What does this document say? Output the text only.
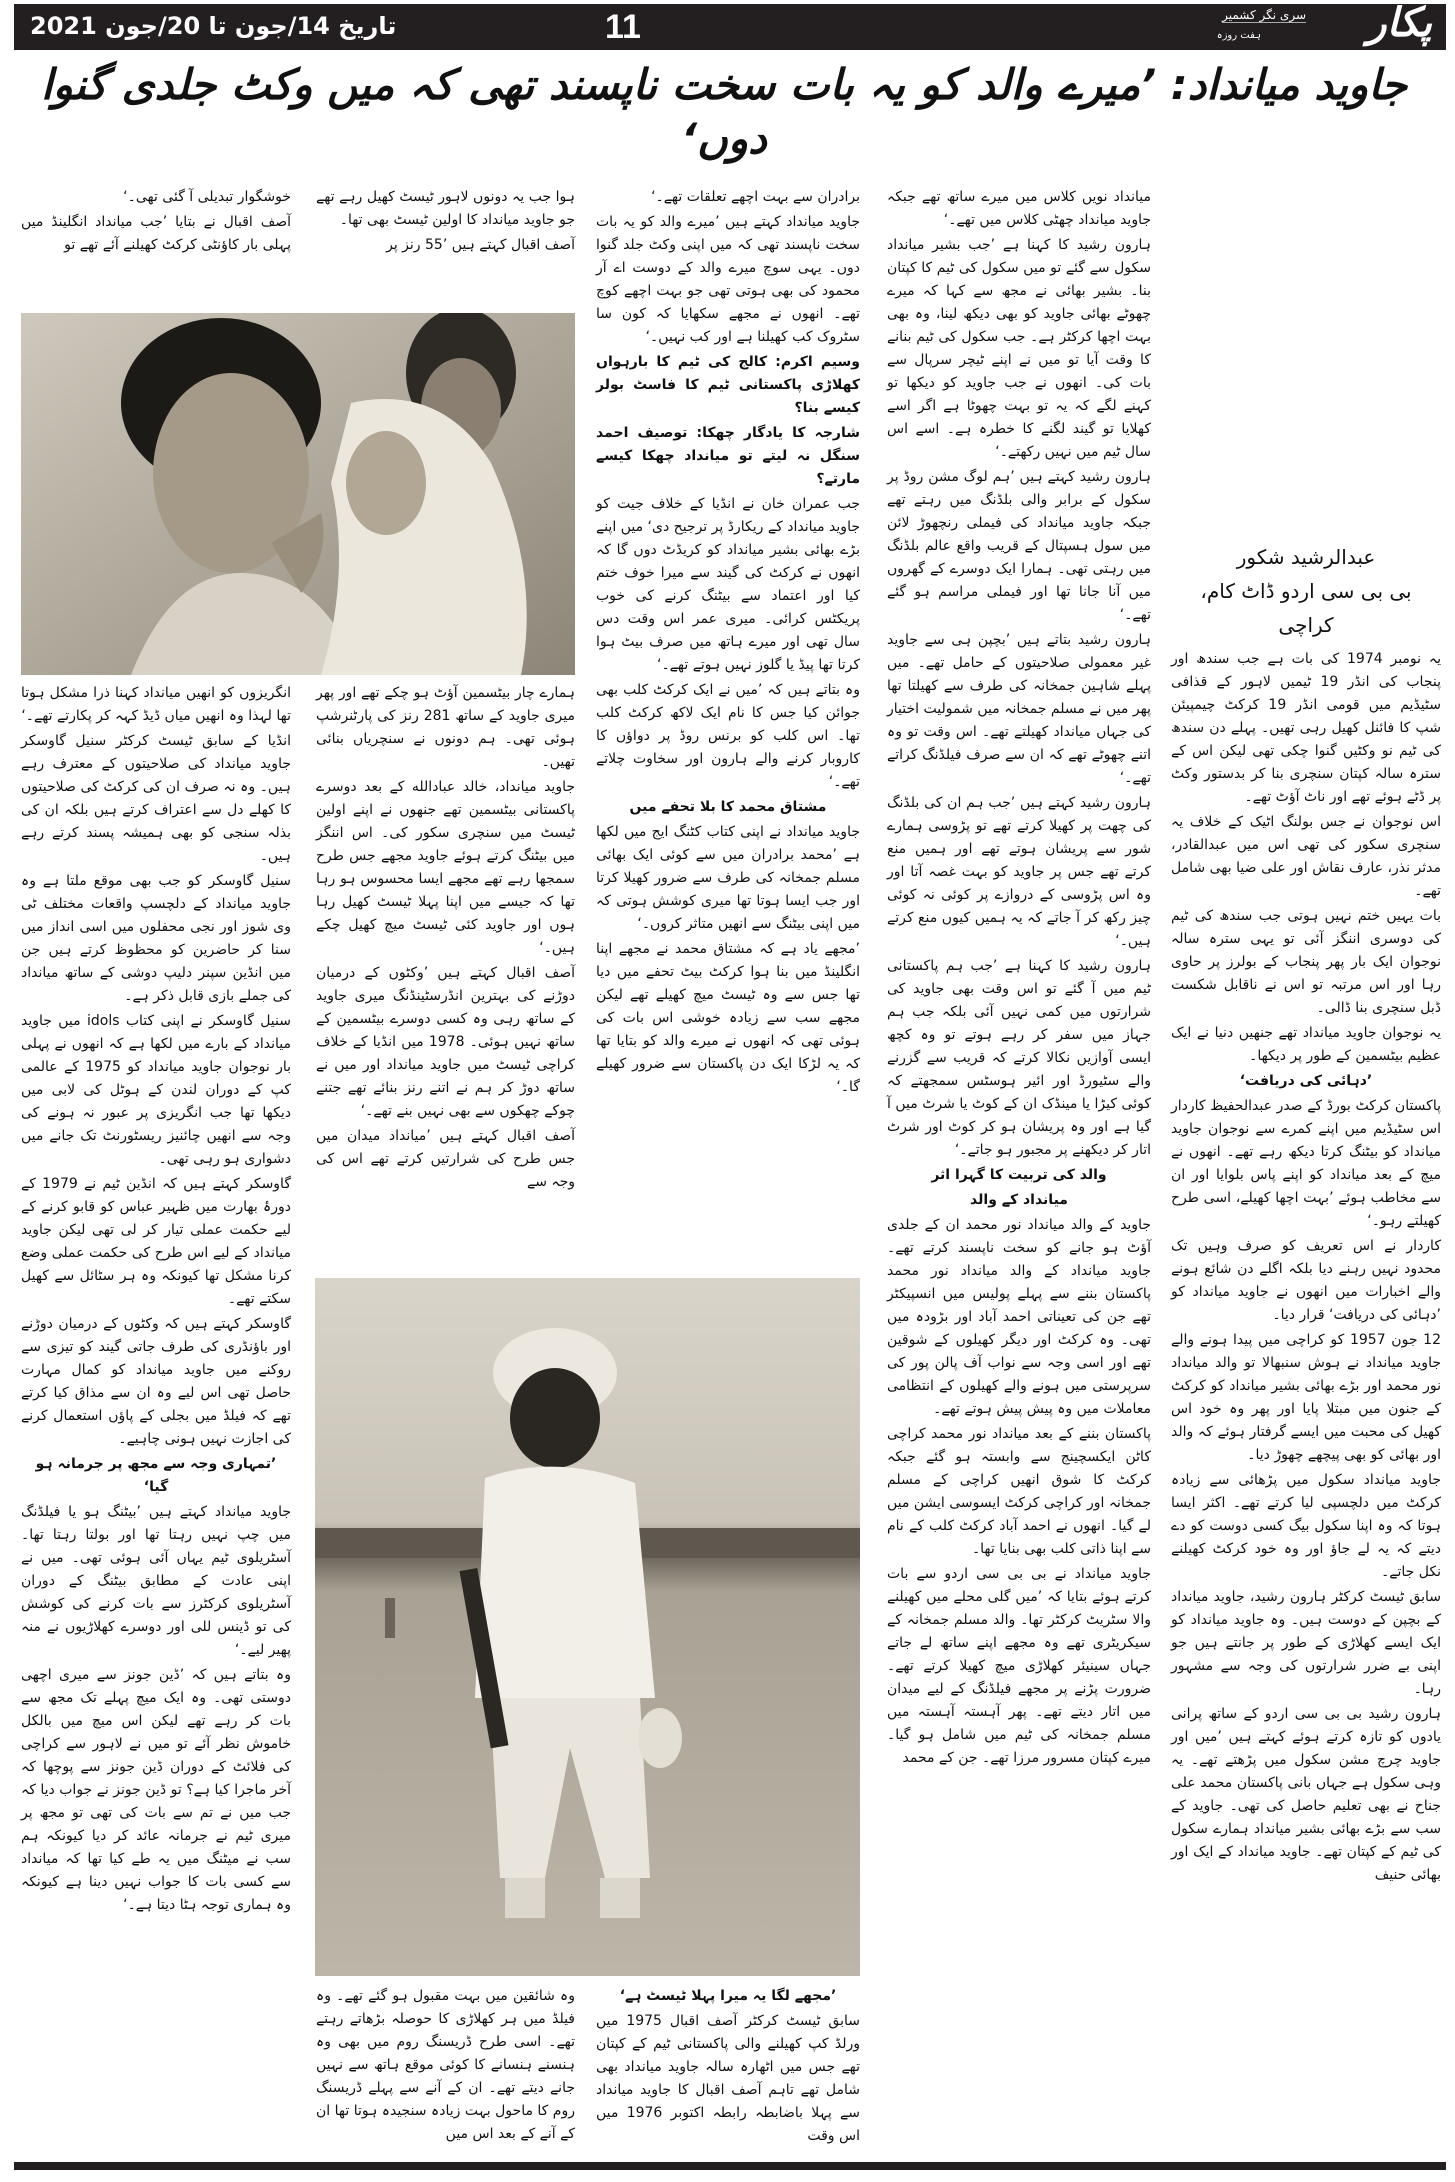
تاریخ 14/جون تا 20/جون 2021	11	پکار
سری نگر کشمیر
ہفت روزہ
جاوید میانداد: ’میرے والد کو یہ بات سخت ناپسند تھی کہ میں وکٹ جلدی گنوا دوں‘
عبدالرشید شکور
بی بی سی اردو ڈاٹ کام، کراچی

یہ نومبر 1974 کی بات ہے جب سندھ اور پنجاب کی انڈر 19 ٹیمیں لاہور کے قذافی سٹیڈیم میں قومی انڈر 19 کرکٹ چیمپیئن شپ کا فائنل کھیل رہی تھیں۔ پہلے دن سندھ کی ٹیم نو وکٹیں گنوا چکی تھی لیکن اس کے سترہ سالہ کپتان سنچری بنا کر بدستور وکٹ پر ڈٹے ہوئے تھے اور ناٹ آؤٹ تھے۔

اس نوجوان نے جس بولنگ اٹیک کے خلاف یہ سنچری سکور کی تھی اس میں عبدالقادر، مدثر نذر، عارف نقاش اور علی ضیا بھی شامل تھے۔

بات یہیں ختم نہیں ہوتی جب سندھ کی ٹیم کی دوسری اننگز آئی تو یہی سترہ سالہ نوجوان ایک بار پھر پنجاب کے بولرز پر حاوی رہا اور اس مرتبہ تو اس نے ناقابل شکست ڈبل سنچری بنا ڈالی۔

یہ نوجوان جاوید میانداد تھے جنھیں دنیا نے ایک عظیم بیٹسمین کے طور پر دیکھا۔

’دہائی کی دریافت‘

پاکستان کرکٹ بورڈ کے صدر عبدالحفیظ کاردار اس سٹیڈیم میں اپنے کمرے سے نوجوان جاوید میانداد کو بیٹنگ کرتا دیکھ رہے تھے۔ انھوں نے میچ کے بعد میانداد کو اپنے پاس بلوایا اور ان سے مخاطب ہوئے ’بہت اچھا کھیلے، اسی طرح کھیلتے رہو۔‘

کاردار نے اس تعریف کو صرف وہیں تک محدود نہیں رہنے دیا بلکہ اگلے دن شائع ہونے والے اخبارات میں انھوں نے جاوید میانداد کو ’دہائی کی دریافت‘ قرار دیا۔

12 جون 1957 کو کراچی میں پیدا ہونے والے جاوید میانداد نے ہوش سنبھالا تو والد میانداد نور محمد اور بڑے بھائی بشیر میانداد کو کرکٹ کے جنون میں مبتلا پایا اور پھر وہ خود اس کھیل کی محبت میں ایسے گرفتار ہوئے کہ والد اور بھائی کو بھی پیچھے چھوڑ دیا۔

جاوید میانداد سکول میں پڑھائی سے زیادہ کرکٹ میں دلچسپی لیا کرتے تھے۔ اکثر ایسا ہوتا کہ وہ اپنا سکول بیگ کسی دوست کو دے دیتے کہ یہ لے جاؤ اور وہ خود کرکٹ کھیلنے نکل جاتے۔

سابق ٹیسٹ کرکٹر ہارون رشید، جاوید میانداد کے بچپن کے دوست ہیں۔ وہ جاوید میانداد کو ایک ایسے کھلاڑی کے طور پر جانتے ہیں جو اپنی بے ضرر شرارتوں کی وجہ سے مشہور رہا۔

ہارون رشید بی بی سی اردو کے ساتھ پرانی یادوں کو تازہ کرتے ہوئے کہتے ہیں ’میں اور جاوید چرچ مشن سکول میں پڑھتے تھے۔ یہ وہی سکول ہے جہاں بانی پاکستان محمد علی جناح نے بھی تعلیم حاصل کی تھی۔ جاوید کے سب سے بڑے بھائی بشیر میانداد ہمارے سکول کی ٹیم کے کپتان تھے۔ جاوید میانداد کے ایک اور بھائی حنیف

میانداد نویں کلاس میں میرے ساتھ تھے جبکہ جاوید میانداد چھٹی کلاس میں تھے۔‘

ہارون رشید کا کہنا ہے ’جب بشیر میانداد سکول سے گئے تو میں سکول کی ٹیم کا کپتان بنا۔ بشیر بھائی نے مجھ سے کہا کہ میرے چھوٹے بھائی جاوید کو بھی دیکھ لینا، وہ بھی بہت اچھا کرکٹر ہے۔ جب سکول کی ٹیم بنانے کا وقت آیا تو میں نے اپنے ٹیچر سرپال سے بات کی۔ انھوں نے جب جاوید کو دیکھا تو کہنے لگے کہ یہ تو بہت چھوٹا ہے اگر اسے کھلایا تو گیند لگنے کا خطرہ ہے۔ اسے اس سال ٹیم میں نہیں رکھتے۔‘

ہارون رشید کہتے ہیں ’ہم لوگ مشن روڈ پر سکول کے برابر والی بلڈنگ میں رہتے تھے جبکہ جاوید میانداد کی فیملی رنچھوڑ لائن میں سول ہسپتال کے قریب واقع عالم بلڈنگ میں رہتی تھی۔ ہمارا ایک دوسرے کے گھروں میں آنا جانا تھا اور فیملی مراسم ہو گئے تھے۔‘

ہارون رشید بتاتے ہیں ’بچپن ہی سے جاوید غیر معمولی صلاحیتوں کے حامل تھے۔ میں پہلے شاہین جمخانہ کی طرف سے کھیلتا تھا پھر میں نے مسلم جمخانہ میں شمولیت اختیار کی جہاں میانداد کھیلتے تھے۔ اس وقت تو وہ اتنے چھوٹے تھے کہ ان سے صرف فیلڈنگ کراتے تھے۔‘

ہارون رشید کہتے ہیں ’جب ہم ان کی بلڈنگ کی چھت پر کھیلا کرتے تھے تو پڑوسی ہمارے شور سے پریشان ہوتے تھے اور ہمیں منع کرتے تھے جس پر جاوید کو بہت غصہ آتا اور وہ اس پڑوسی کے دروازے پر کوئی نہ کوئی چیز رکھ کر آ جاتے کہ یہ ہمیں کیوں منع کرتے ہیں۔‘

ہارون رشید کا کہنا ہے ’جب ہم پاکستانی ٹیم میں آ گئے تو اس وقت بھی جاوید کی شرارتوں میں کمی نہیں آئی بلکہ جب ہم جہاز میں سفر کر رہے ہوتے تو وہ کچھ ایسی آوازیں نکالا کرتے کہ قریب سے گزرنے والے سٹیورڈ اور ائیر ہوسٹس سمجھتے کہ کوئی کیڑا یا مینڈک ان کے کوٹ یا شرٹ میں آ گیا ہے اور وہ پریشان ہو کر کوٹ اور شرٹ اتار کر دیکھنے پر مجبور ہو جاتے۔‘

والد کی تربیت کا گہرا اثر

میانداد کے والد

جاوید کے والد میانداد نور محمد ان کے جلدی آؤٹ ہو جانے کو سخت ناپسند کرتے تھے۔ جاوید میانداد کے والد میانداد نور محمد پاکستان بننے سے پہلے پولیس میں انسپیکٹر تھے جن کی تعیناتی احمد آباد اور بڑودہ میں تھی۔ وہ کرکٹ اور دیگر کھیلوں کے شوقین تھے اور اسی وجہ سے نواب آف پالن پور کی سرپرستی میں ہونے والے کھیلوں کے انتظامی معاملات میں وہ پیش پیش ہوتے تھے۔

پاکستان بننے کے بعد میانداد نور محمد کراچی کاٹن ایکسچینج سے وابستہ ہو گئے جبکہ کرکٹ کا شوق انھیں کراچی کے مسلم جمخانہ اور کراچی کرکٹ ایسوسی ایشن میں لے گیا۔ انھوں نے احمد آباد کرکٹ کلب کے نام سے اپنا ذاتی کلب بھی بنایا تھا۔

جاوید میانداد نے بی بی سی اردو سے بات کرتے ہوئے بتایا کہ ’میں گلی محلے میں کھیلنے والا سٹریٹ کرکٹر تھا۔ والد مسلم جمخانہ کے سیکریٹری تھے وہ مجھے اپنے ساتھ لے جاتے جہاں سینیئر کھلاڑی میچ کھیلا کرتے تھے۔ ضرورت پڑنے پر مجھے فیلڈنگ کے لیے میدان میں اتار دیتے تھے۔ پھر آہستہ آہستہ میں مسلم جمخانہ کی ٹیم میں شامل ہو گیا۔ میرے کپتان مسرور مرزا تھے۔ جن کے محمد

برادران سے بہت اچھے تعلقات تھے۔‘

جاوید میانداد کہتے ہیں ’میرے والد کو یہ بات سخت ناپسند تھی کہ میں اپنی وکٹ جلد گنوا دوں۔ یہی سوچ میرے والد کے دوست اے آر محمود کی بھی ہوتی تھی جو بہت اچھے کوچ تھے۔ انھوں نے مجھے سکھایا کہ کون سا سٹروک کب کھیلنا ہے اور کب نہیں۔‘

وسیم اکرم: کالج کی ٹیم کا بارہواں کھلاڑی پاکستانی ٹیم کا فاسٹ بولر کیسے بنا؟

شارجہ کا یادگار چھکا: توصیف احمد سنگل نہ لیتے تو میانداد چھکا کیسے مارتے؟

جب عمران خان نے انڈیا کے خلاف جیت کو جاوید میانداد کے ریکارڈ پر ترجیح دی‘ میں اپنے بڑے بھائی بشیر میانداد کو کریڈٹ دوں گا کہ انھوں نے کرکٹ کی گیند سے میرا خوف ختم کیا اور اعتماد سے بیٹنگ کرنے کی خوب پریکٹس کرائی۔ میری عمر اس وقت دس سال تھی اور میرے ہاتھ میں صرف بیٹ ہوا کرتا تھا پیڈ یا گلوز نہیں ہوتے تھے۔‘

وہ بتاتے ہیں کہ ’میں نے ایک کرکٹ کلب بھی جوائن کیا جس کا نام ایک لاکھ کرکٹ کلب تھا۔ اس کلب کو برنس روڈ پر دواؤں کا کاروبار کرنے والے ہارون اور سخاوت چلاتے تھے۔‘

مشتاق محمد کا بلا تحفے میں

جاوید میانداد نے اپنی کتاب کٹنگ ایج میں لکھا ہے ’محمد برادران میں سے کوئی ایک بھائی مسلم جمخانہ کی طرف سے ضرور کھیلا کرتا اور جب ایسا ہوتا تھا میری کوشش ہوتی کہ میں اپنی بیٹنگ سے انھیں متاثر کروں۔‘

’مجھے یاد ہے کہ مشتاق محمد نے مجھے اپنا انگلینڈ میں بنا ہوا کرکٹ بیٹ تحفے میں دیا تھا جس سے وہ ٹیسٹ میچ کھیلے تھے لیکن مجھے سب سے زیادہ خوشی اس بات کی ہوئی تھی کہ انھوں نے میرے والد کو بتایا تھا کہ یہ لڑکا ایک دن پاکستان سے ضرور کھیلے گا۔‘

’مجھے لگا یہ میرا پہلا ٹیسٹ ہے‘

سابق ٹیسٹ کرکٹر آصف اقبال 1975 میں ورلڈ کپ کھیلنے والی پاکستانی ٹیم کے کپتان تھے جس میں اٹھارہ سالہ جاوید میانداد بھی شامل تھے تاہم آصف اقبال کا جاوید میانداد سے پہلا باضابطہ رابطہ اکتوبر 1976 میں اس وقت

ہوا جب یہ دونوں لاہور ٹیسٹ کھیل رہے تھے جو جاوید میانداد کا اولین ٹیسٹ بھی تھا۔

آصف اقبال کہتے ہیں ’55 رنز پر

ہمارے چار بیٹسمین آؤٹ ہو چکے تھے اور پھر میری جاوید کے ساتھ 281 رنز کی پارٹنرشپ ہوئی تھی۔ ہم دونوں نے سنچریاں بنائی تھیں۔

جاوید میانداد، خالد عبادالله کے بعد دوسرے پاکستانی بیٹسمین تھے جنھوں نے اپنے اولین ٹیسٹ میں سنچری سکور کی۔ اس اننگز میں بیٹنگ کرتے ہوئے جاوید مجھے جس طرح سمجھا رہے تھے مجھے ایسا محسوس ہو رہا تھا کہ جیسے میں اپنا پہلا ٹیسٹ کھیل رہا ہوں اور جاوید کئی ٹیسٹ میچ کھیل چکے ہیں۔‘

آصف اقبال کہتے ہیں ’وکٹوں کے درمیان دوڑنے کی بہترین انڈرسٹینڈنگ میری جاوید کے ساتھ رہی وہ کسی دوسرے بیٹسمین کے ساتھ نہیں ہوئی۔ 1978 میں انڈیا کے خلاف کراچی ٹیسٹ میں جاوید میانداد اور میں نے ساتھ دوڑ کر ہم نے اتنے رنز بنائے تھے جتنے چوکے چھکوں سے بھی نہیں بنے تھے۔‘

آصف اقبال کہتے ہیں ’میانداد میدان میں جس طرح کی شرارتیں کرتے تھے اس کی وجہ سے

وہ شائقین میں بہت مقبول ہو گئے تھے۔ وہ فیلڈ میں ہر کھلاڑی کا حوصلہ بڑھاتے رہتے تھے۔ اسی طرح ڈریسنگ روم میں بھی وہ ہنسنے ہنسانے کا کوئی موقع ہاتھ سے نہیں جانے دیتے تھے۔ ان کے آنے سے پہلے ڈریسنگ روم کا ماحول بہت زیادہ سنجیدہ ہوتا تھا ان کے آنے کے بعد اس میں

خوشگوار تبدیلی آ گئی تھی۔‘

آصف اقبال نے بتایا ’جب میانداد انگلینڈ میں پہلی بار کاؤنٹی کرکٹ کھیلنے آئے تھے تو

انگریزوں کو انھیں میانداد کہنا ذرا مشکل ہوتا تھا لہذا وہ انھیں میاں ڈیڈ کہہ کر پکارتے تھے۔‘

انڈیا کے سابق ٹیسٹ کرکٹر سنیل گاوسکر جاوید میانداد کی صلاحیتوں کے معترف رہے ہیں۔ وہ نہ صرف ان کی کرکٹ کی صلاحیتوں کا کھلے دل سے اعتراف کرتے ہیں بلکہ ان کی بذلہ سنجی کو بھی ہمیشہ پسند کرتے رہے ہیں۔

سنیل گاوسکر کو جب بھی موقع ملتا ہے وہ جاوید میانداد کے دلچسپ واقعات مختلف ٹی وی شوز اور نجی محفلوں میں اسی انداز میں سنا کر حاضرین کو محظوظ کرتے ہیں جن میں انڈین سپنر دلیپ دوشی کے ساتھ میانداد کی جملے بازی قابل ذکر ہے۔

سنیل گاوسکر نے اپنی کتاب idols میں جاوید میانداد کے بارے میں لکھا ہے کہ انھوں نے پہلی بار نوجوان جاوید میانداد کو 1975 کے عالمی کپ کے دوران لندن کے ہوٹل کی لابی میں دیکھا تھا جب انگریزی پر عبور نہ ہونے کی وجہ سے انھیں چائنیز ریسٹورنٹ تک جانے میں دشواری ہو رہی تھی۔

گاوسکر کہتے ہیں کہ انڈین ٹیم نے 1979 کے دورۂ بھارت میں ظہیر عباس کو قابو کرنے کے لیے حکمت عملی تیار کر لی تھی لیکن جاوید میانداد کے لیے اس طرح کی حکمت عملی وضع کرنا مشکل تھا کیونکہ وہ ہر سٹائل سے کھیل سکتے تھے۔

گاوسکر کہتے ہیں کہ وکٹوں کے درمیان دوڑنے اور باؤنڈری کی طرف جاتی گیند کو تیزی سے روکنے میں جاوید میانداد کو کمال مہارت حاصل تھی اس لیے وہ ان سے مذاق کیا کرتے تھے کہ فیلڈ میں بجلی کے پاؤں استعمال کرنے کی اجازت نہیں ہونی چاہیے۔

’تمہاری وجہ سے مجھ پر جرمانہ ہو گیا‘

جاوید میانداد کہتے ہیں ’بیٹنگ ہو یا فیلڈنگ میں چپ نہیں رہتا تھا اور بولتا رہتا تھا۔ آسٹریلوی ٹیم یہاں آئی ہوئی تھی۔ میں نے اپنی عادت کے مطابق بیٹنگ کے دوران آسٹریلوی کرکٹرز سے بات کرنے کی کوشش کی تو ڈینس للی اور دوسرے کھلاڑیوں نے منہ پھیر لیے۔‘

وہ بتاتے ہیں کہ ’ڈین جونز سے میری اچھی دوستی تھی۔ وہ ایک میچ پہلے تک مجھ سے بات کر رہے تھے لیکن اس میچ میں بالکل خاموش نظر آئے تو میں نے لاہور سے کراچی کی فلائٹ کے دوران ڈین جونز سے پوچھا کہ آخر ماجرا کیا ہے؟ تو ڈین جونز نے جواب دیا کہ جب میں نے تم سے بات کی تھی تو مجھ پر میری ٹیم نے جرمانہ عائد کر دیا کیونکہ ہم سب نے میٹنگ میں یہ طے کیا تھا کہ میانداد سے کسی بات کا جواب نہیں دینا ہے کیونکہ وہ ہماری توجہ ہٹا دیتا ہے۔‘
